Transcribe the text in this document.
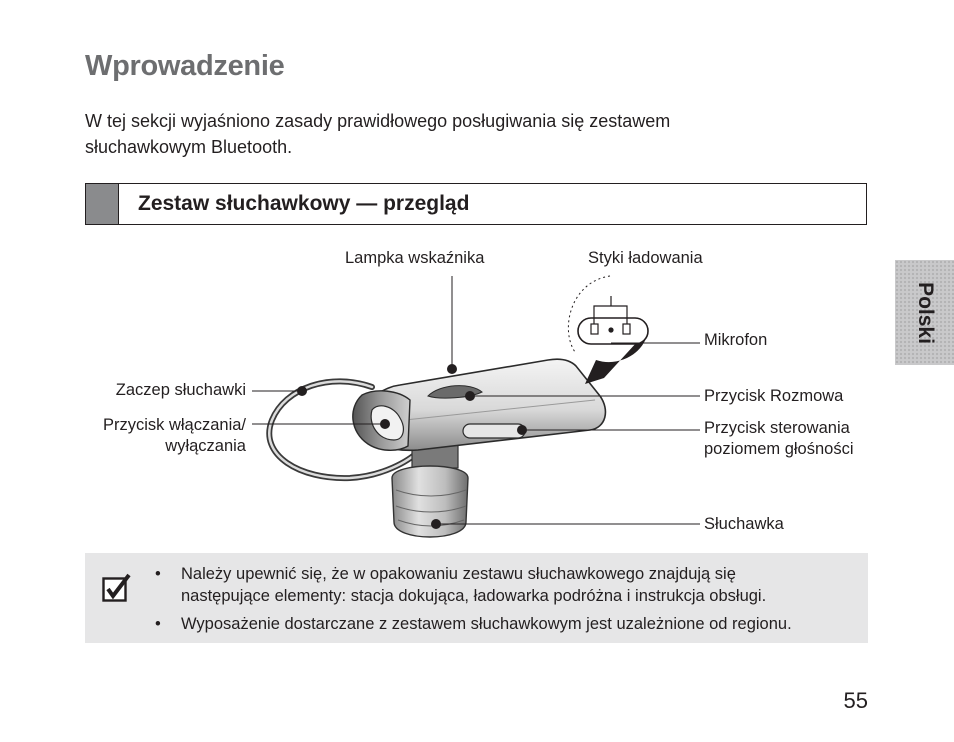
Wprowadzenie

W tej sekcji wyjaśniono zasady prawidłowego posługiwania się zestawem
słuchawkowym Bluetooth.

Zestaw słuchawkowy — przegląd
Polski
Lampka wskaźnika	Styki ładowania
Mikrofon
Zaczep słuchawki
Przycisk włączania/
wyłączania
Przycisk Rozmowa
Przycisk sterowania
poziomem głośności
Słuchawka
• Należy upewnić się, że w opakowaniu zestawu słuchawkowego znajdują się
następujące elementy: stacja dokująca, ładowarka podróżna i instrukcja obsługi.
• Wyposażenie dostarczane z zestawem słuchawkowym jest uzależnione od regionu.
55
